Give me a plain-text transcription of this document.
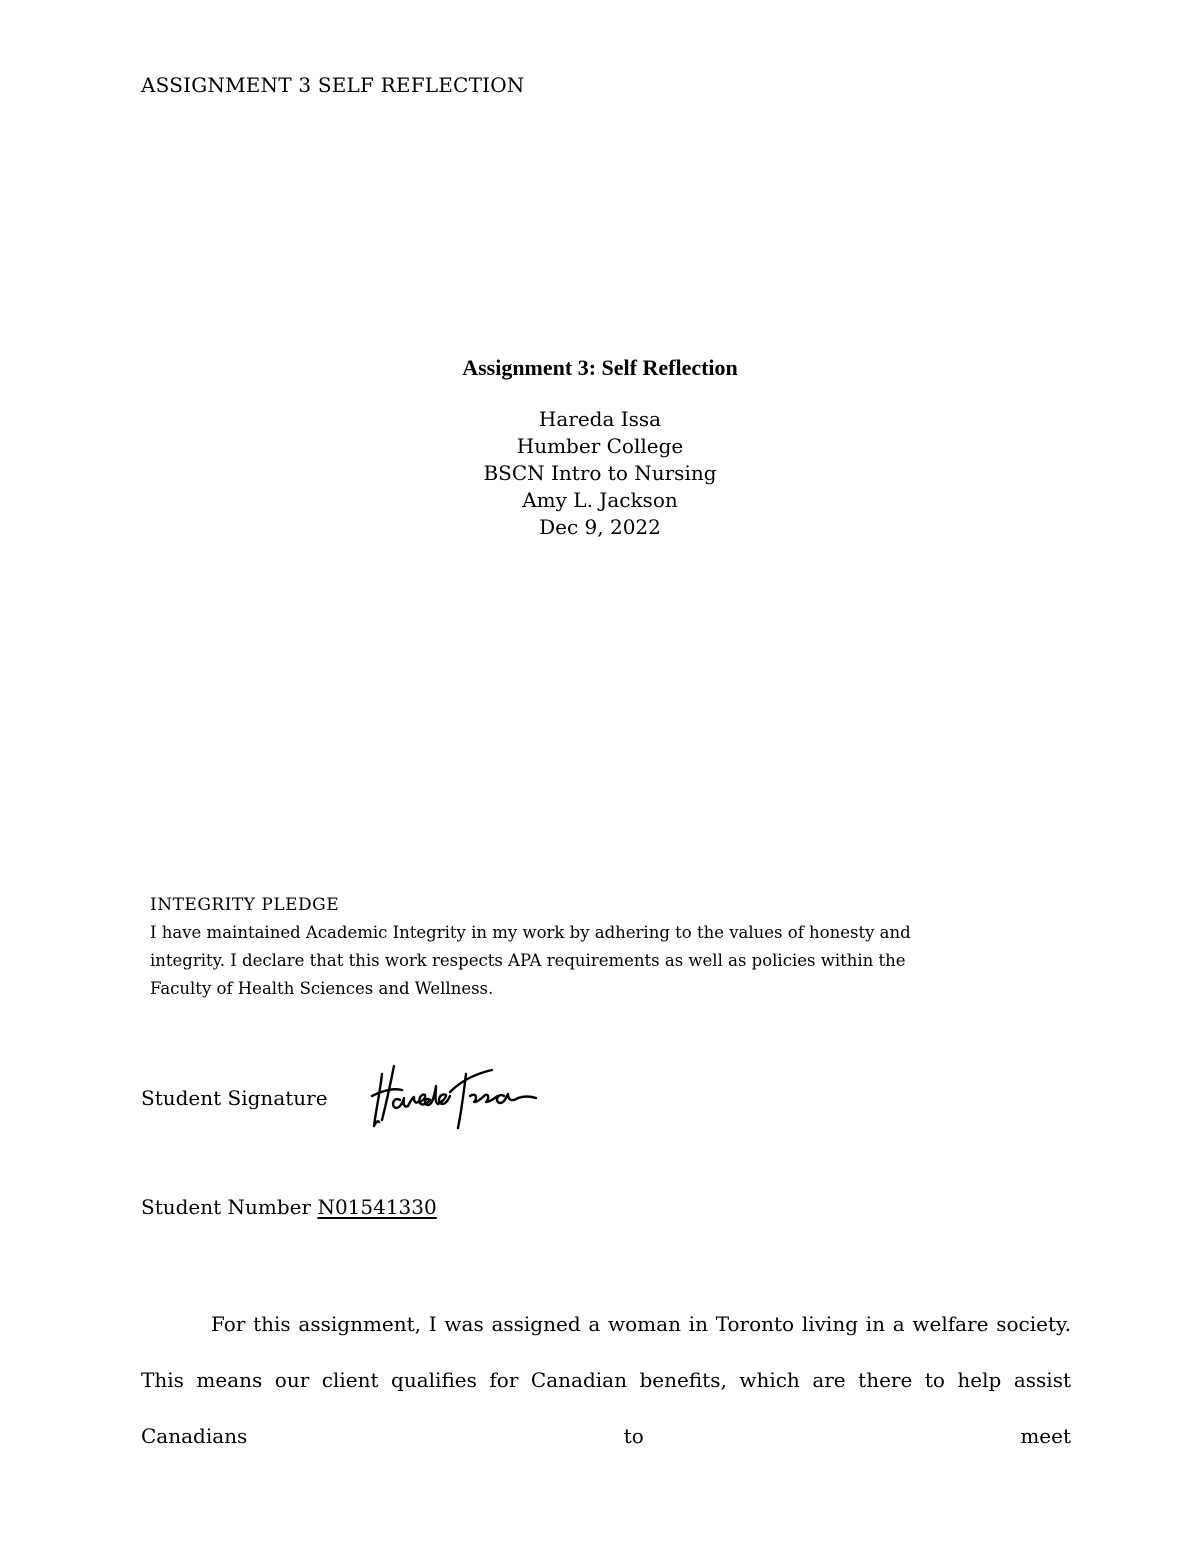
ASSIGNMENT 3 SELF REFLECTION
Assignment 3: Self Reflection
Hareda Issa
Humber College
BSCN Intro to Nursing
Amy L. Jackson
Dec 9, 2022
INTEGRITY PLEDGE
I have maintained Academic Integrity in my work by adhering to the values of honesty and integrity. I declare that this work respects APA requirements as well as policies within the Faculty of Health Sciences and Wellness.
Student Signature
Student Number N01541330

For this assignment, I was assigned a woman in Toronto living in a welfare society. This means our client qualifies for Canadian benefits, which are there to help assist Canadians to meet
